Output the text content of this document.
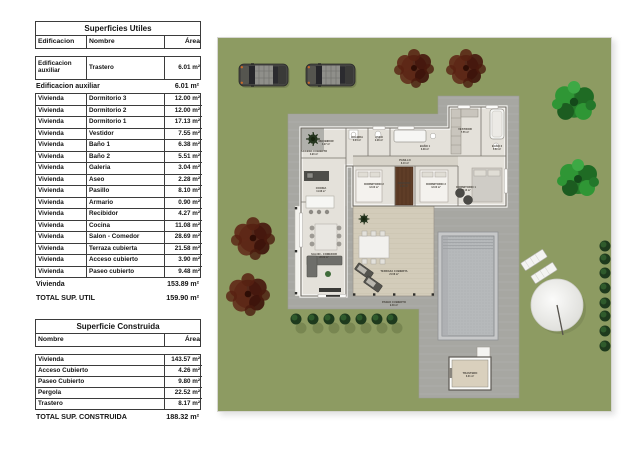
Superficies Utiles
Edificacion	Nombre	Área
Edificacion auxiliar	Trastero	6.01 m²
Edificacion auxiliar	6.01 m²
Vivienda	Dormitorio 3	12.00 m²
Vivienda	Dormitorio 2	12.00 m²
Vivienda	Dormitorio 1	17.13 m²
Vivienda	Vestidor	7.55 m²
Vivienda	Baño 1	6.38 m²
Vivienda	Baño 2	5.51 m²
Vivienda	Galeria	3.04 m²
Vivienda	Aseo	2.28 m²
Vivienda	Pasillo	8.10 m²
Vivienda	Armario	0.90 m²
Vivienda	Recibidor	4.27 m²
Vivienda	Cocina	11.08 m²
Vivienda	Salon - Comedor	28.69 m²
Vivienda	Terraza cubierta	21.58 m²
Vivienda	Acceso cubierto	3.90 m²
Vivienda	Paseo cubierto	9.48 m²
Vivienda	153.89 m²
TOTAL SUP. UTIL	159.90 m²
Superficie Construida
Nombre	Área
Vivienda	143.57 m²
Acceso Cubierto	4.26 m²
Paseo Cubierto	9.80 m²
Pergola	22.52 m²
Trastero	8.17 m²
TOTAL SUP. CONSTRUIDA	188.32 m²
RECIBIDOR 4.27 m²
GALERIA 3.04 m²
ASEO 2.28 m²
BAÑO 1 6.38 m²
VESTIDOR 7.55 m²
BAÑO 2 5.51 m²
PASILLO 8.10 m²
DORMITORIO 2 12.00 m²
ARMARIO 0.90 m²
DORMITORIO 3 12.00 m²	DORMITORIO 1 17.13 m²
COCINA 11.08 m²
SALON - COMEDOR 28.69 m²
TERRAZA CUBIERTA 21.58 m²
ACCESO CUBIERTO 3.90 m²
PASEO CUBIERTO 9.48 m²
TRASTERO 6.01 m²
